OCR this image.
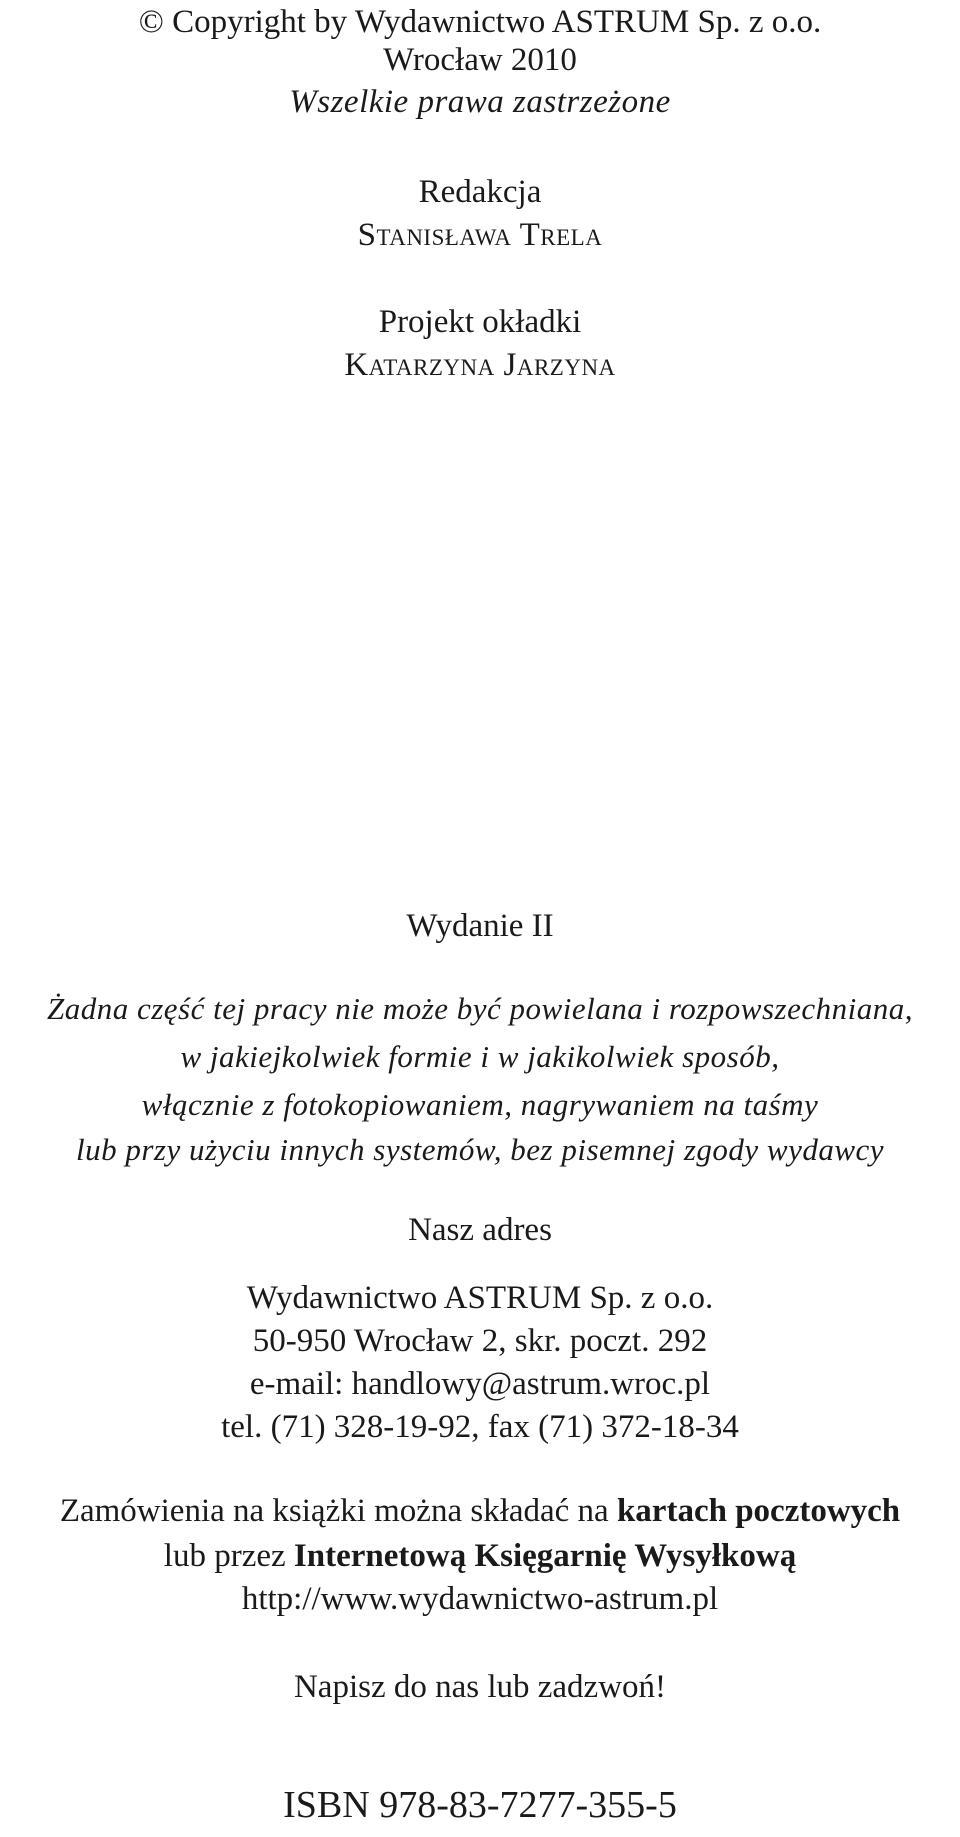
© Copyright by Wydawnictwo ASTRUM Sp. z o.o.
Wrocław 2010
Wszelkie prawa zastrzeżone
Redakcja
Stanisława Trela
Projekt okładki
Katarzyna Jarzyna
Wydanie II
Żadna część tej pracy nie może być powielana i rozpowszechniana,
w jakiejkolwiek formie i w jakikolwiek sposób,
włącznie z fotokopiowaniem, nagrywaniem na taśmy
lub przy użyciu innych systemów, bez pisemnej zgody wydawcy
Nasz adres
Wydawnictwo ASTRUM Sp. z o.o.
50-950 Wrocław 2, skr. poczt. 292
e-mail: handlowy@astrum.wroc.pl
tel. (71) 328-19-92, fax (71) 372-18-34
Zamówienia na książki można składać na kartach pocztowych
lub przez Internetową Księgarnię Wysyłkową
http://www.wydawnictwo-astrum.pl
Napisz do nas lub zadzwoń!
ISBN 978-83-7277-355-5
